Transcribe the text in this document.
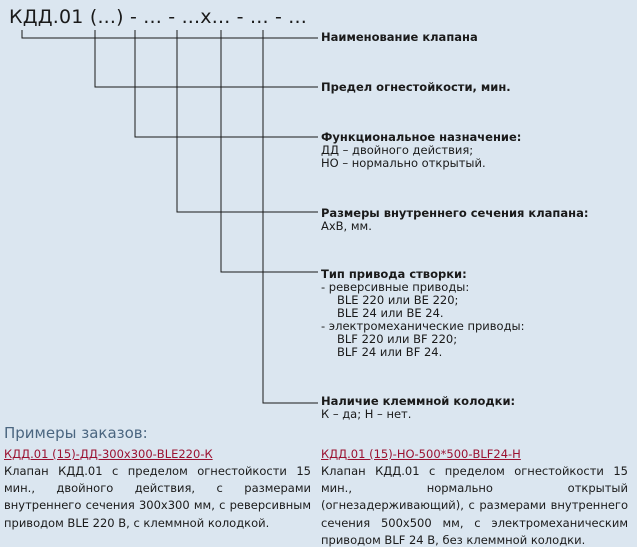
КДД.01 (...) - ... - ...x... - ... - ...
Наименование клапана
Предел огнестойкости, мин.
Функциональное назначение:
ДД – двойного действия;
НО – нормально открытый.
Размеры внутреннего сечения клапана:
АхВ, мм.
Тип привода створки:
- реверсивные приводы:
BLE 220 или BE 220;
BLE 24 или BE 24.
- электромеханические приводы:
BLF 220 или BF 220;
BLF 24 или BF 24.
Наличие клеммной колодки:
К – да; Н – нет.
Примеры заказов:
КДД.01 (15)-ДД-300х300-BLE220-К
Клапан КДД.01 с пределом огнестойкости 15 мин., двойного действия, с размерами внутреннего сечения 300х300 мм, с реверсивным приводом BLE 220 В, с клеммной колодкой.
КДД.01 (15)-НО-500*500-BLF24-Н
Клапан КДД.01 с пределом огнестойкости 15 мин., нормально открытый (огнезадерживающий), с размерами внутреннего сечения 500х500 мм, с электромеханическим приводом BLF 24 В, без клеммной колодки.
